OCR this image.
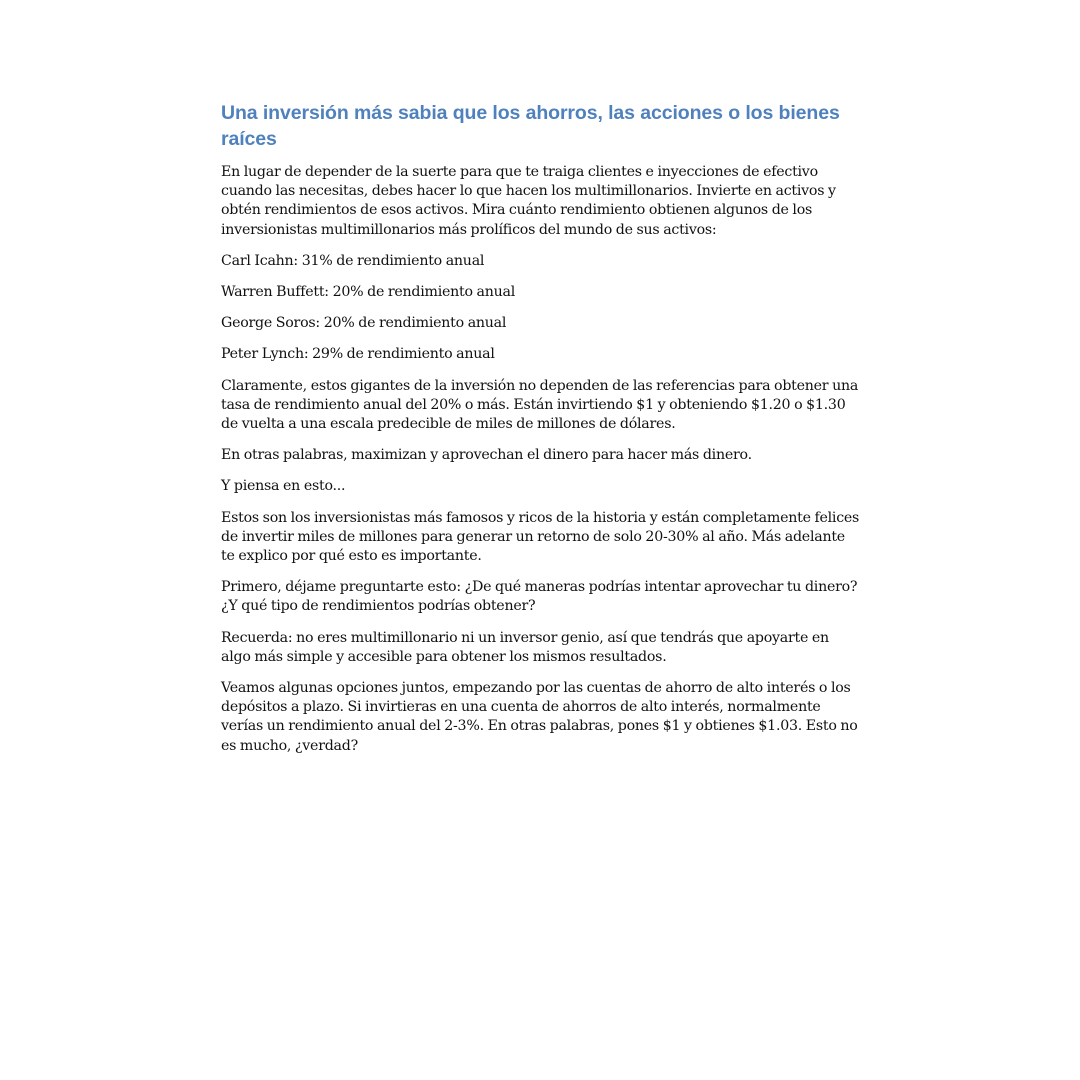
Una inversión más sabia que los ahorros, las acciones o los bienes raíces

En lugar de depender de la suerte para que te traiga clientes e inyecciones de efectivo cuando las necesitas, debes hacer lo que hacen los multimillonarios. Invierte en activos y obtén rendimientos de esos activos. Mira cuánto rendimiento obtienen algunos de los inversionistas multimillonarios más prolíficos del mundo de sus activos:

Carl Icahn: 31% de rendimiento anual

Warren Buffett: 20% de rendimiento anual

George Soros: 20% de rendimiento anual

Peter Lynch: 29% de rendimiento anual

Claramente, estos gigantes de la inversión no dependen de las referencias para obtener una tasa de rendimiento anual del 20% o más. Están invirtiendo $1 y obteniendo $1.20 o $1.30 de vuelta a una escala predecible de miles de millones de dólares.

En otras palabras, maximizan y aprovechan el dinero para hacer más dinero.

Y piensa en esto...

Estos son los inversionistas más famosos y ricos de la historia y están completamente felices de invertir miles de millones para generar un retorno de solo 20-30% al año. Más adelante te explico por qué esto es importante.

Primero, déjame preguntarte esto: ¿De qué maneras podrías intentar aprovechar tu dinero? ¿Y qué tipo de rendimientos podrías obtener?

Recuerda: no eres multimillonario ni un inversor genio, así que tendrás que apoyarte en algo más simple y accesible para obtener los mismos resultados.

Veamos algunas opciones juntos, empezando por las cuentas de ahorro de alto interés o los depósitos a plazo. Si invirtieras en una cuenta de ahorros de alto interés, normalmente verías un rendimiento anual del 2-3%. En otras palabras, pones $1 y obtienes $1.03. Esto no es mucho, ¿verdad?
